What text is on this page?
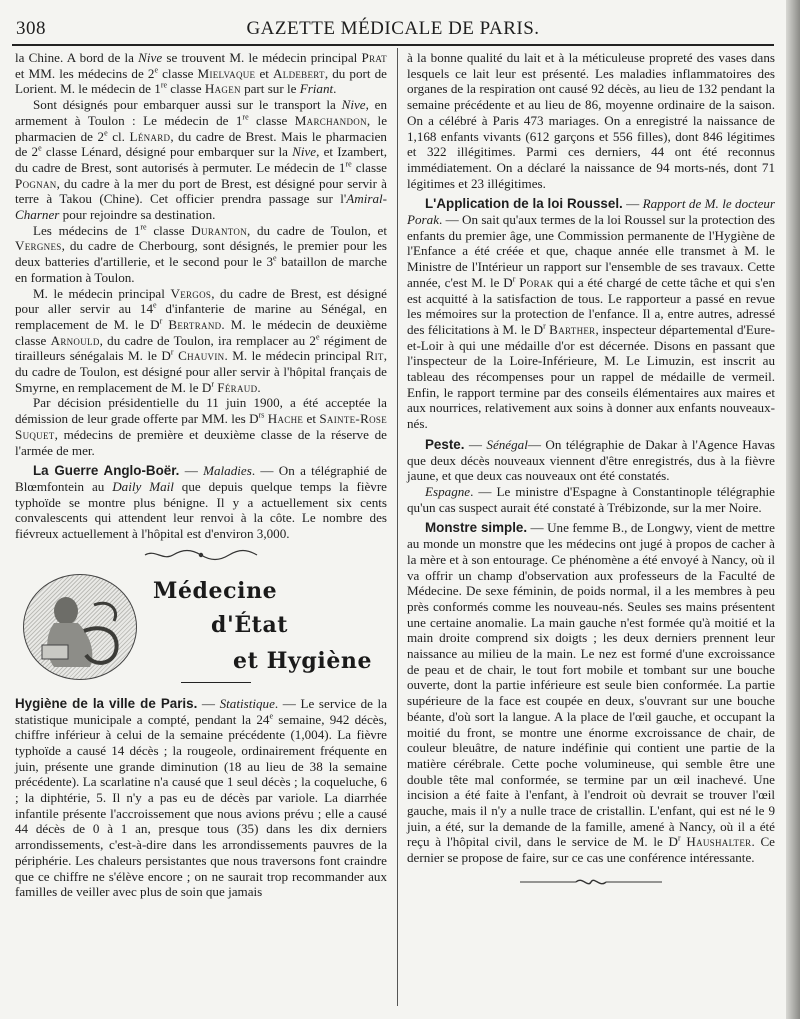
308	GAZETTE MÉDICALE DE PARIS.

la Chine. A bord de la Nive se trouvent M. le médecin principal Prat et MM. les médecins de 2e classe Mielvaque et Aldebert, du port de Lorient. M. le médecin de 1re classe Hagen part sur le Friant.

Sont désignés pour embarquer aussi sur le transport la Nive, en armement à Toulon : Le médecin de 1re classe Marchandon, le pharmacien de 2e cl. Lénard, du cadre de Brest. Mais le pharmacien de 2e classe Lénard, désigné pour embarquer sur la Nive, et Izambert, du cadre de Brest, sont autorisés à permuter. Le médecin de 1re classe Pognan, du cadre à la mer du port de Brest, est désigné pour servir à terre à Takou (Chine). Cet officier prendra passage sur l'Amiral-Charner pour rejoindre sa destination.

Les médecins de 1re classe Duranton, du cadre de Toulon, et Vergnes, du cadre de Cherbourg, sont désignés, le premier pour les deux batteries d'artillerie, et le second pour le 3e bataillon de marche en formation à Toulon.

M. le médecin principal Vergos, du cadre de Brest, est désigné pour aller servir au 14e d'infanterie de marine au Sénégal, en remplacement de M. le $D^r$ Bertrand. M. le médecin de deuxième classe Arnould, du cadre de Toulon, ira remplacer au 2e régiment de tirailleurs sénégalais M. le $D^r$ Chauvin. M. le médecin principal Rit, du cadre de Toulon, est désigné pour aller servir à l'hôpital français de Smyrne, en remplacement de M. le $D^r$ Féraud.

Par décision présidentielle du 11 juin 1900, a été acceptée la démission de leur grade offerte par MM. les $D^{rs}$ Hache et Sainte-Rose Suquet, médecins de première et deuxième classe de la réserve de l'armée de mer.

La Guerre Anglo-Boër. — Maladies. — On a télégraphié de Blœmfontein au Daily Mail que depuis quelque temps la fièvre typhoïde se montre plus bénigne. Il y a actuellement six cents convalescents qui attendent leur renvoi à la côte. Le nombre des fiévreux actuellement à l'hôpital est d'environ 3,000.

Médecine
d'État
et Hygiène

Hygiène de la ville de Paris. — Statistique. — Le service de la statistique municipale a compté, pendant la 24e semaine, 942 décès, chiffre inférieur à celui de la semaine précédente (1,004). La fièvre typhoïde a causé 14 décès ; la rougeole, ordinairement fréquente en juin, présente une grande diminution (18 au lieu de 38 la semaine précédente). La scarlatine n'a causé que 1 seul décès ; la coqueluche, 6 ; la diphtérie, 5. Il n'y a pas eu de décès par variole. La diarrhée infantile présente l'accroissement que nous avions prévu ; elle a causé 44 décès de 0 à 1 an, presque tous (35) dans les dix derniers arrondissements, c'est-à-dire dans les arrondissements pauvres de la périphérie. Les chaleurs persistantes que nous traversons font craindre que ce chiffre ne s'élève encore ; on ne saurait trop recommander aux familles de veiller avec plus de soin que jamais

à la bonne qualité du lait et à la méticuleuse propreté des vases dans lesquels ce lait leur est présenté. Les maladies inflammatoires des organes de la respiration ont causé 92 décès, au lieu de 132 pendant la semaine précédente et au lieu de 86, moyenne ordinaire de la saison. On a célébré à Paris 473 mariages. On a enregistré la naissance de 1,168 enfants vivants (612 garçons et 556 filles), dont 846 légitimes et 322 illégitimes. Parmi ces derniers, 44 ont été reconnus immédiatement. On a déclaré la naissance de 94 morts-nés, dont 71 légitimes et 23 illégitimes.

L'Application de la loi Roussel. — Rapport de M. le docteur Porak. — On sait qu'aux termes de la loi Roussel sur la protection des enfants du premier âge, une Commission permanente de l'Hygiène de l'Enfance a été créée et que, chaque année elle transmet à M. le Ministre de l'Intérieur un rapport sur l'ensemble de ses travaux. Cette année, c'est M. le $D^r$ Porak qui a été chargé de cette tâche et qui s'en est acquitté à la satisfaction de tous. Le rapporteur a passé en revue les mémoires sur la protection de l'enfance. Il a, entre autres, adressé des félicitations à M. le $D^r$ Barther, inspecteur départemental d'Eure-et-Loir à qui une médaille d'or est décernée. Disons en passant que l'inspecteur de la Loire-Inférieure, M. Le Limuzin, est inscrit au tableau des récompenses pour un rappel de médaille de vermeil. Enfin, le rapport termine par des conseils élémentaires aux maires et aux nourrices, relativement aux soins à donner aux enfants nouveaux-nés.

Peste. — Sénégal— On télégraphie de Dakar à l'Agence Havas que deux décès nouveaux viennent d'être enregistrés, dus à la fièvre jaune, et que deux cas nouveaux ont été constatés.

Espagne. — Le ministre d'Espagne à Constantinople télégraphie qu'un cas suspect aurait été constaté à Trébizonde, sur la mer Noire.

Monstre simple. — Une femme B., de Longwy, vient de mettre au monde un monstre que les médecins ont jugé à propos de cacher à la mère et à son entourage. Ce phénomène a été envoyé à Nancy, où il va offrir un champ d'observation aux professeurs de la Faculté de Médecine. De sexe féminin, de poids normal, il a les membres à peu près conformés comme les nouveau-nés. Seules ses mains présentent une certaine anomalie. La main gauche n'est formée qu'à moitié et la main droite comprend six doigts ; les deux derniers prennent leur naissance au milieu de la main. Le nez est formé d'une excroissance de peau et de chair, le tout fort mobile et tombant sur une bouche ouverte, dont la partie inférieure est seule bien conformée. La partie supérieure de la face est coupée en deux, s'ouvrant sur une bouche béante, d'où sort la langue. A la place de l'œil gauche, et occupant la moitié du front, se montre une énorme excroissance de chair, de couleur bleuâtre, de nature indéfinie qui contient une partie de la matière cérébrale. Cette poche volumineuse, qui semble être une double tête mal conformée, se termine par un œil inachevé. Une incision a été faite à l'enfant, à l'endroit où devrait se trouver l'œil gauche, mais il n'y a nulle trace de cristallin. L'enfant, qui est né le 9 juin, a été, sur la demande de la famille, amené à Nancy, où il a été reçu à l'hôpital civil, dans le service de M. le $D^r$ Haushalter. Ce dernier se propose de faire, sur ce cas une conférence intéressante.
